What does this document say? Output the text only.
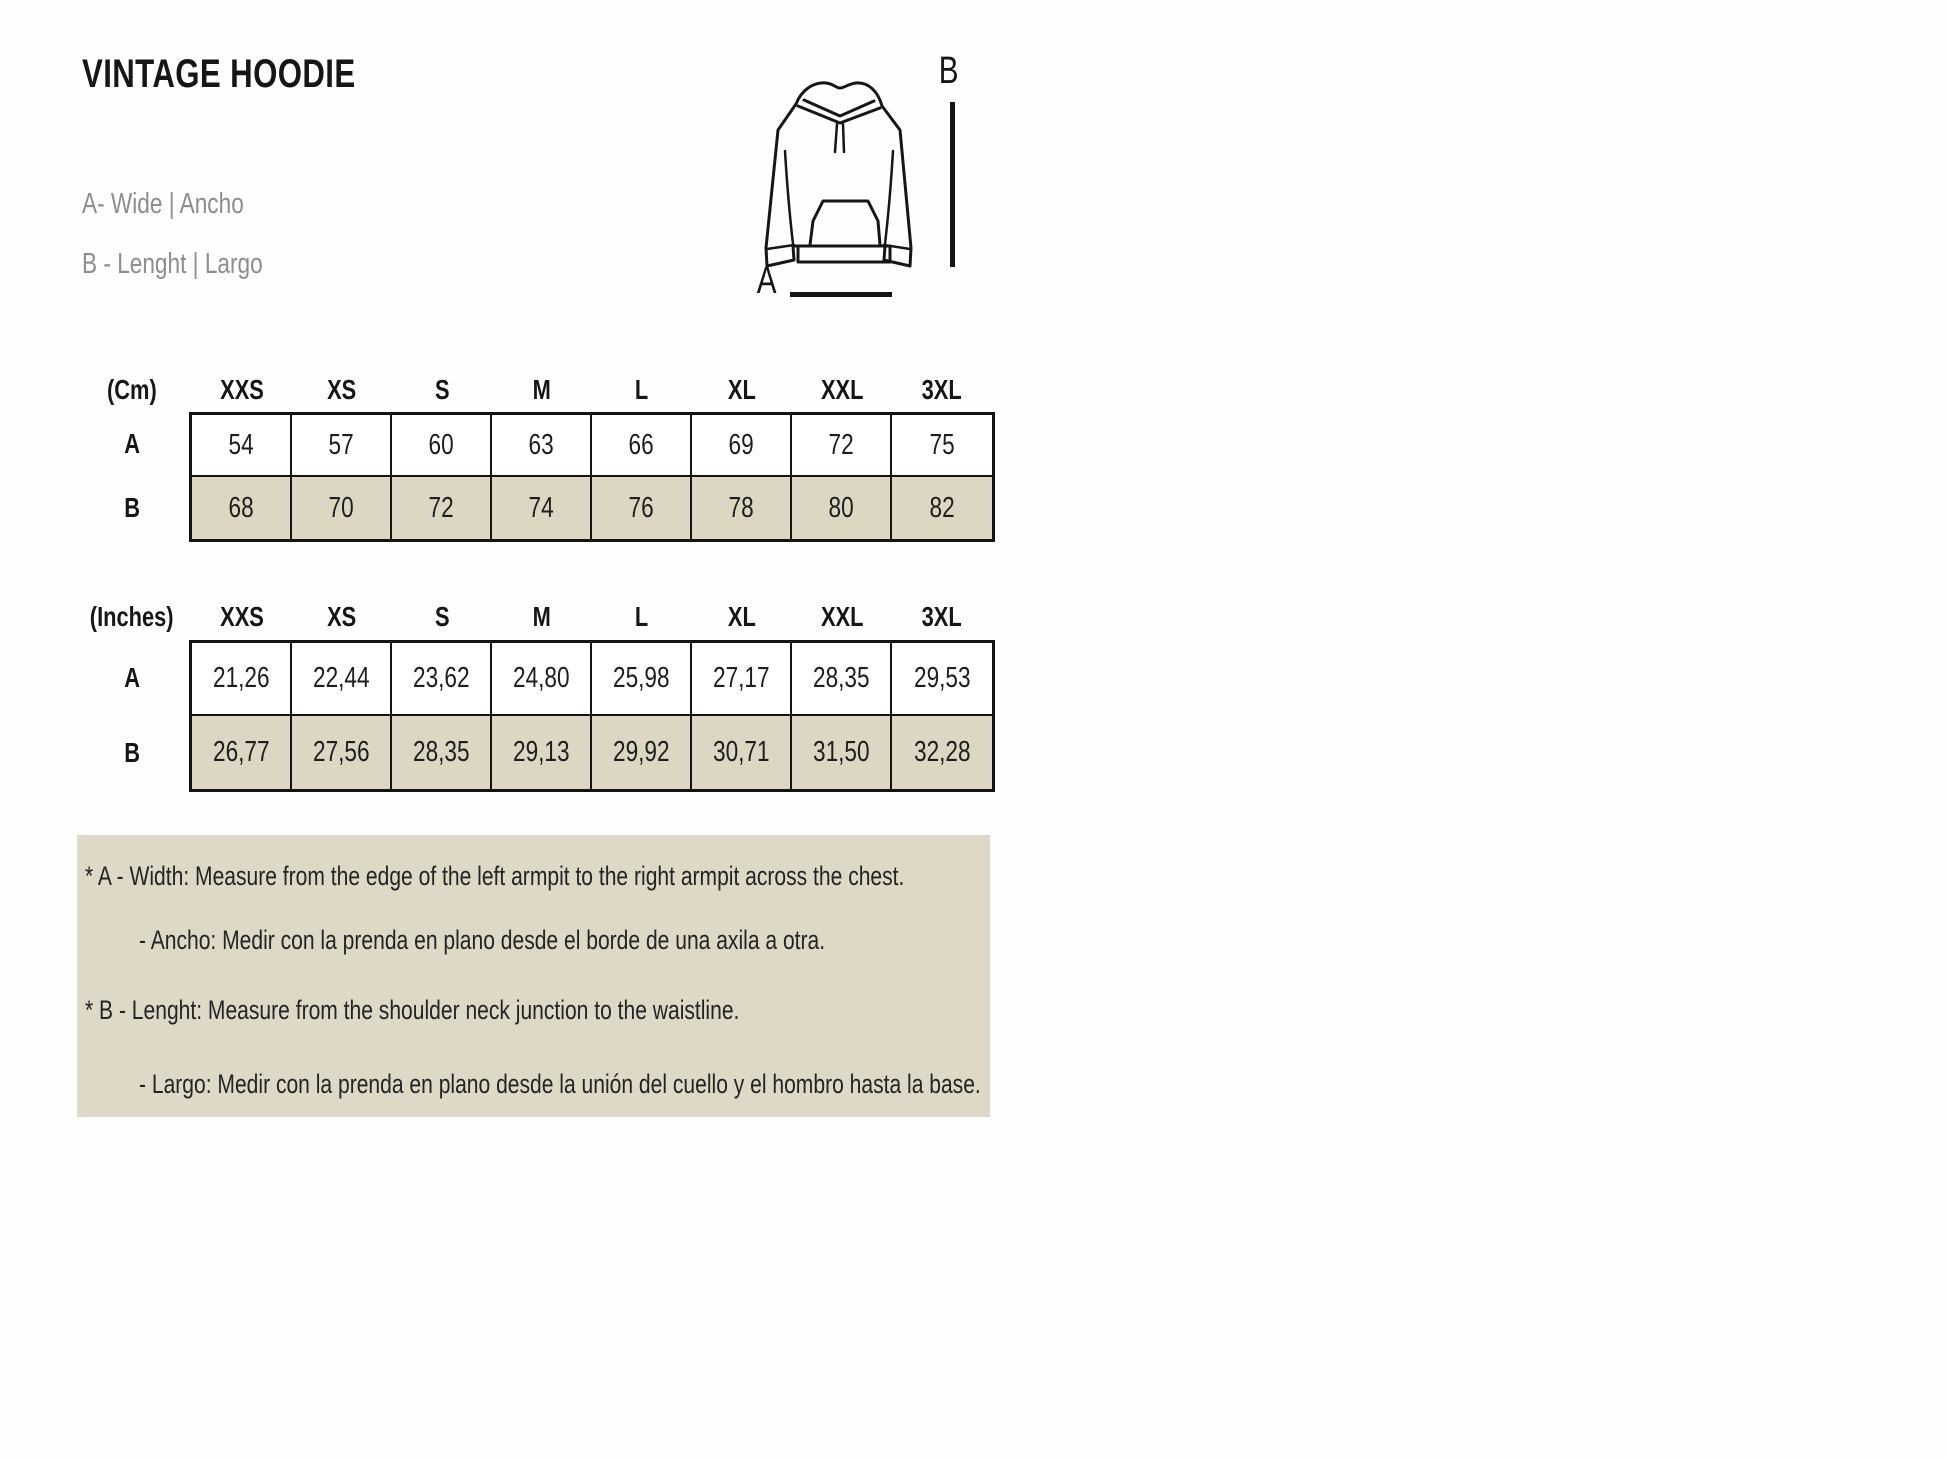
VINTAGE HOODIE
A- Wide | Ancho
B - Lenght | Largo
B
A
(Cm) XXS XS	S	M	L	XL XXL 3XL
A
B
54	57	60	63	66	69	72	75
68	70	72	74	76	78	80	82
(Inches) XXS XS	S	M	L	XL XXL 3XL
A
B
21,26 22,44 23,62 24,80 25,98 27,17 28,35 29,53
26,77 27,56 28,35 29,13 29,92 30,71 31,50 32,28
* A - Width: Measure from the edge of the left armpit to the right armpit across the chest.
- Ancho: Medir con la prenda en plano desde el borde de una axila a otra.
* B - Lenght: Measure from the shoulder neck junction to the waistline.
- Largo: Medir con la prenda en plano desde la unión del cuello y el hombro hasta la base.
